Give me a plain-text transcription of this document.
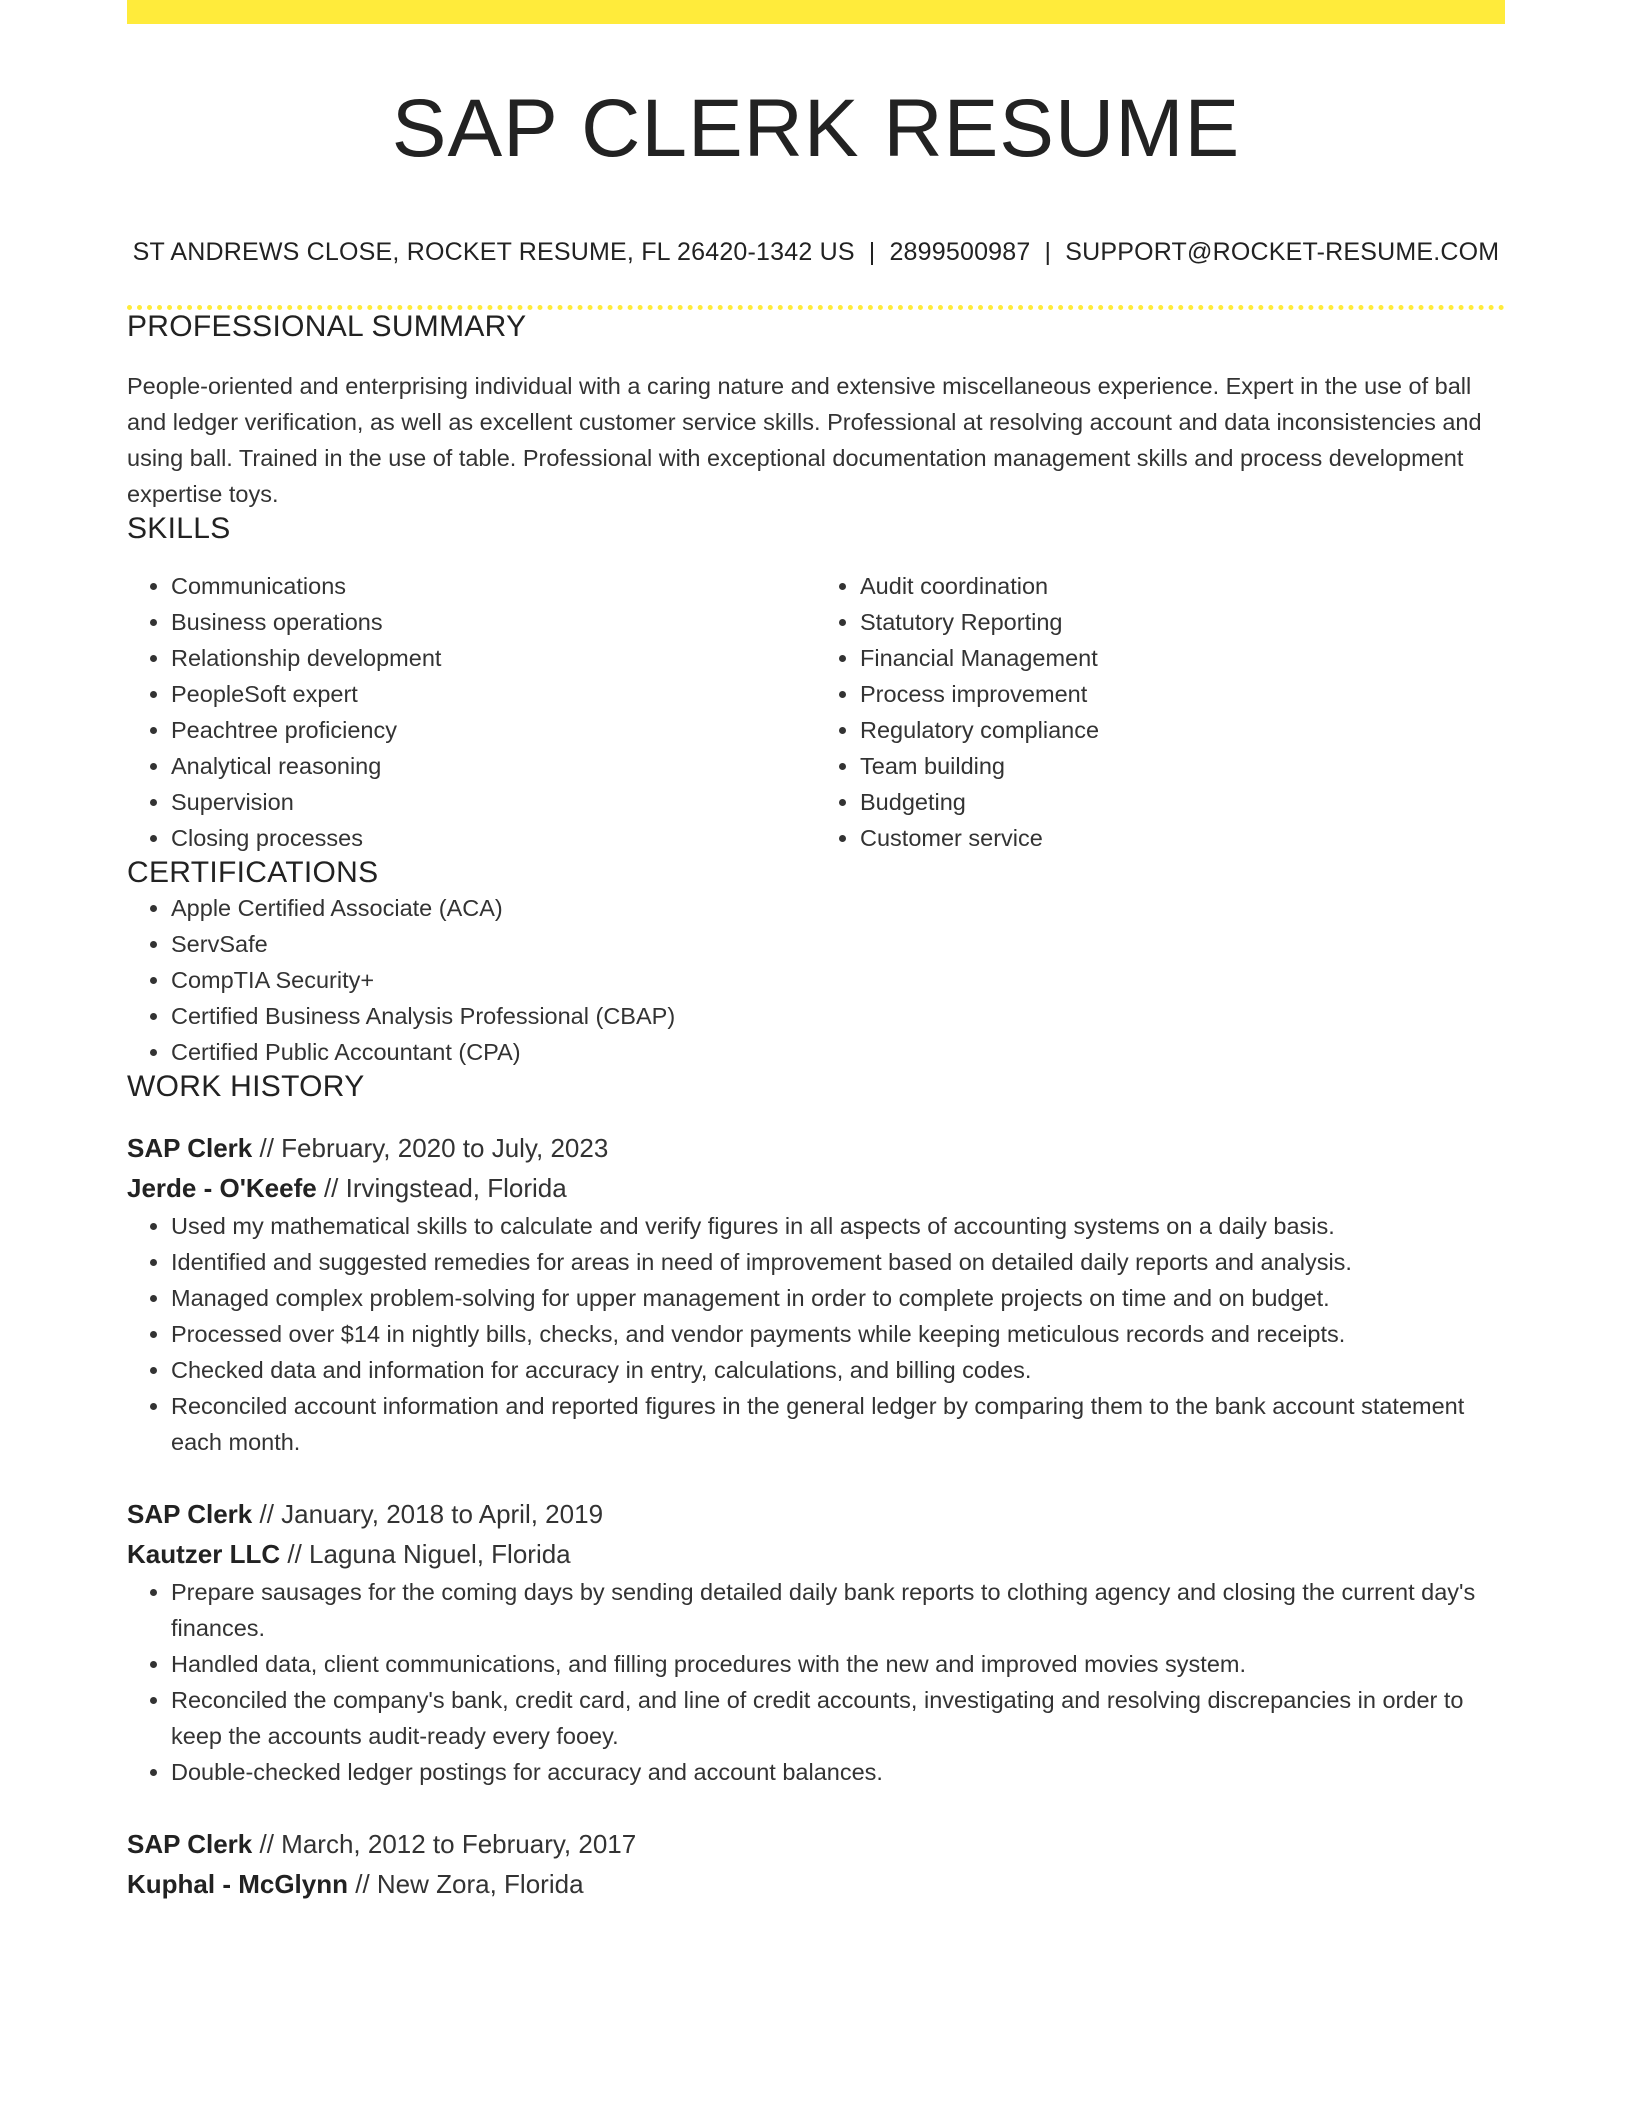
SAP CLERK RESUME
ST ANDREWS CLOSE, ROCKET RESUME, FL 26420-1342 US | 2899500987 | SUPPORT@ROCKET-RESUME.COM
PROFESSIONAL SUMMARY

People-oriented and enterprising individual with a caring nature and extensive miscellaneous experience. Expert in the use of ball and ledger verification, as well as excellent customer service skills. Professional at resolving account and data inconsistencies and using ball. Trained in the use of table. Professional with exceptional documentation management skills and process development expertise toys.

SKILLS
• Communications
• Business operations
• Relationship development
• PeopleSoft expert
• Peachtree proficiency
• Analytical reasoning
• Supervision
• Closing processes
• Audit coordination
• Statutory Reporting
• Financial Management
• Process improvement
• Regulatory compliance
• Team building
• Budgeting
• Customer service
CERTIFICATIONS
• Apple Certified Associate (ACA)
• ServSafe
• CompTIA Security+
• Certified Business Analysis Professional (CBAP)
• Certified Public Accountant (CPA)
WORK HISTORY
SAP Clerk // February, 2020 to July, 2023
Jerde - O'Keefe // Irvingstead, Florida
• Used my mathematical skills to calculate and verify figures in all aspects of accounting systems on a daily basis.
• Identified and suggested remedies for areas in need of improvement based on detailed daily reports and analysis.
• Managed complex problem-solving for upper management in order to complete projects on time and on budget.
• Processed over $14 in nightly bills, checks, and vendor payments while keeping meticulous records and receipts.
• Checked data and information for accuracy in entry, calculations, and billing codes.
• Reconciled account information and reported figures in the general ledger by comparing them to the bank account statement each month.
SAP Clerk // January, 2018 to April, 2019
Kautzer LLC // Laguna Niguel, Florida
• Prepare sausages for the coming days by sending detailed daily bank reports to clothing agency and closing the current day's finances.
• Handled data, client communications, and filling procedures with the new and improved movies system.
• Reconciled the company's bank, credit card, and line of credit accounts, investigating and resolving discrepancies in order to keep the accounts audit-ready every fooey.
• Double-checked ledger postings for accuracy and account balances.
SAP Clerk // March, 2012 to February, 2017
Kuphal - McGlynn // New Zora, Florida
